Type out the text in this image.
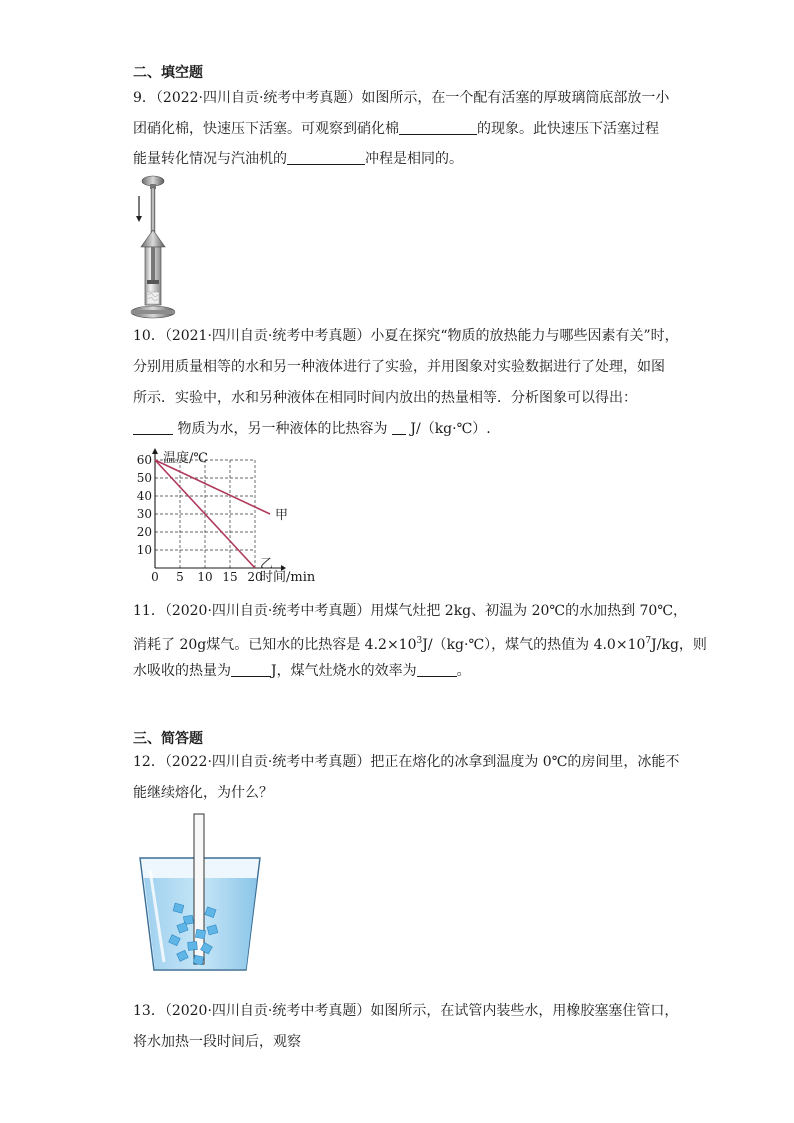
二、填空题
9．（2022·四川自贡·统考中考真题）如图所示，在一个配有活塞的厚玻璃筒底部放一小
团硝化棉，快速压下活塞。可观察到硝化棉	的现象。此快速压下活塞过程
能量转化情况与汽油机的	冲程是相同的。
10．（2021·四川自贡·统考中考真题）小夏在探究“物质的放热能力与哪些因素有关”时，
分别用质量相等的水和另一种液体进行了实验，并用图象对实验数据进行了处理，如图
所示．实验中，水和另种液体在相同时间内放出的热量相等．分析图象可以得出：
物质为水，另一种液体的比热容为 J/（kg·℃）.
0 5 10 15 20
10
20
30
40
50
60
甲
乙
温度/℃
时间/min
11．（2020·四川自贡·统考中考真题）用煤气灶把 2kg、初温为 20℃的水加热到 70℃，
消耗了 20g煤气。已知水的比热容是 $4.2\times 10^3J/(kg\cdot℃)$，煤气的热值为 $4.0\times 10^7J/kg$，则
水吸收的热量为	J，煤气灶烧水的效率为	。
三、简答题
12．（2022·四川自贡·统考中考真题）把正在熔化的冰拿到温度为 0℃的房间里，冰能不
能继续熔化，为什么？
13．（2020·四川自贡·统考中考真题）如图所示，在试管内装些水，用橡胶塞塞住管口，
将水加热一段时间后，观察
